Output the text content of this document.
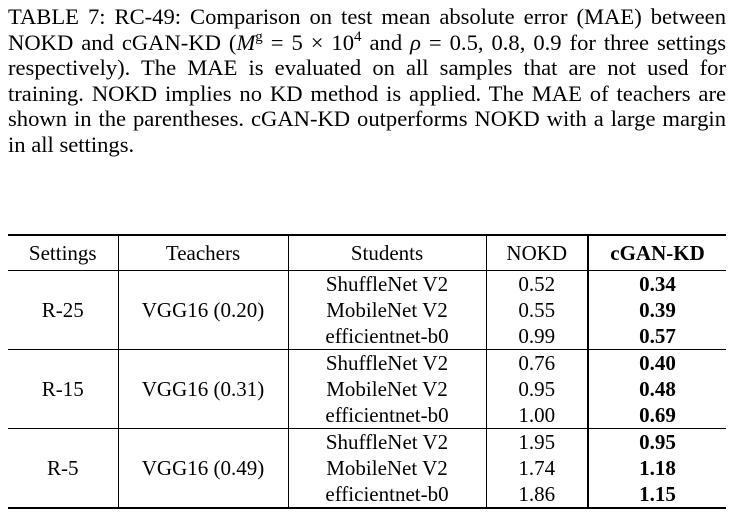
TABLE 7: RC-49: Comparison on test mean absolute error (MAE) between NOKD and cGAN-KD ($M^g = 5 \times 10^4$ and ρ = 0.5, 0.8, 0.9 for three settings respectively). The MAE is evaluated on all samples that are not used for training. NOKD implies no KD method is applied. The MAE of teachers are shown in the parentheses. cGAN-KD outperforms NOKD with a large margin in all settings.
Settings	Teachers	Students	NOKD	cGAN-KD
R-25	VGG16 (0.20)	ShuffleNet V2	0.52	0.34
		MobileNet V2	0.55	0.39
		efficientnet-b0	0.99	0.57
R-15	VGG16 (0.31)	ShuffleNet V2	0.76	0.40
		MobileNet V2	0.95	0.48
		efficientnet-b0	1.00	0.69
R-5	VGG16 (0.49)	ShuffleNet V2	1.95	0.95
		MobileNet V2	1.74	1.18
		efficientnet-b0	1.86	1.15
